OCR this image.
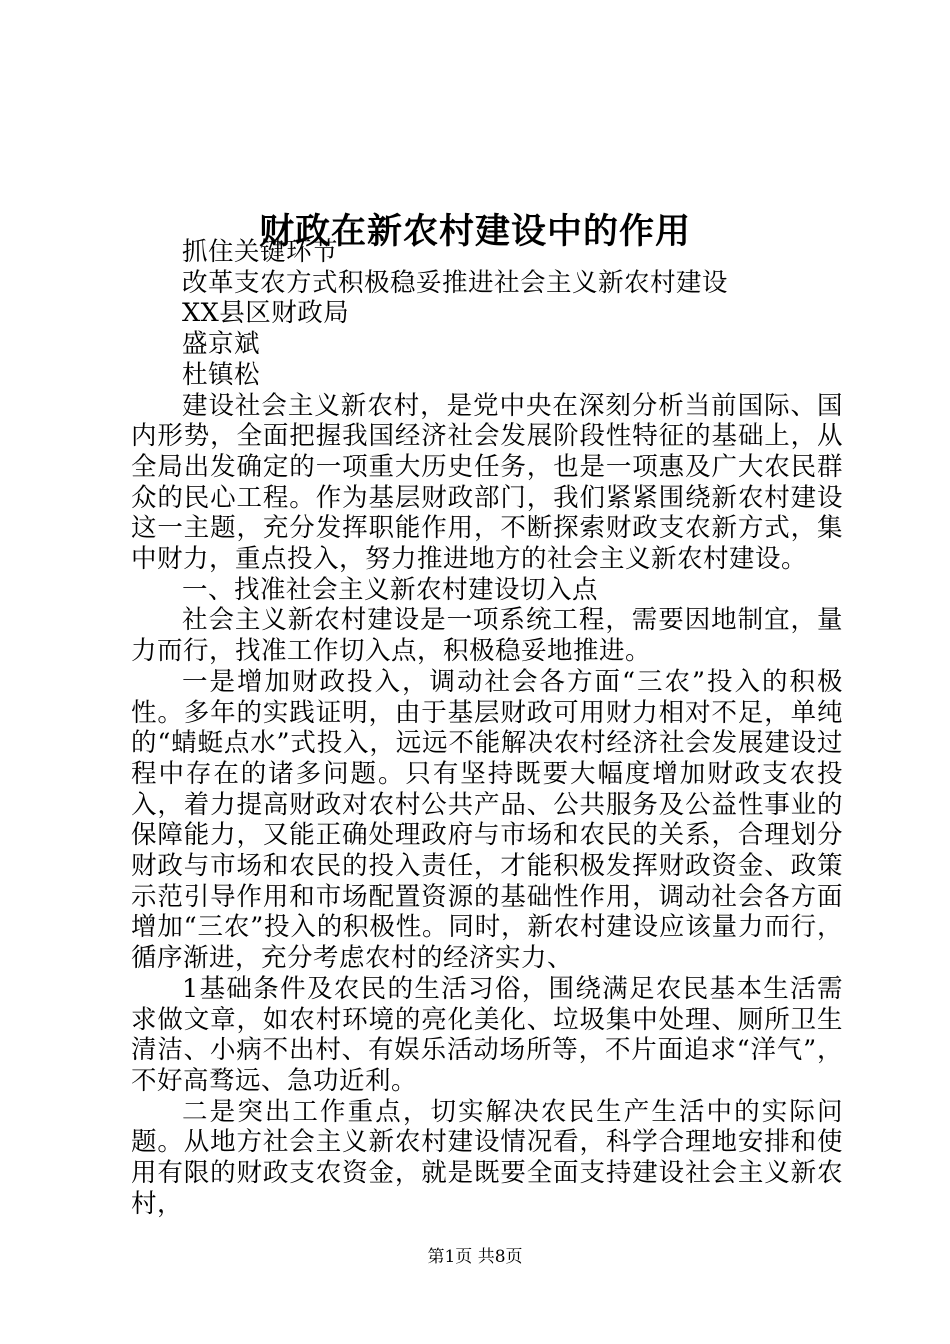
财政在新农村建设中的作用

抓住关键环节

改革支农方式积极稳妥推进社会主义新农村建设

XX县区财政局

盛京斌

杜镇松

建设社会主义新农村，是党中央在深刻分析当前国际、国内形势，全面把握我国经济社会发展阶段性特征的基础上，从全局出发确定的一项重大历史任务，也是一项惠及广大农民群众的民心工程。作为基层财政部门，我们紧紧围绕新农村建设这一主题，充分发挥职能作用，不断探索财政支农新方式，集中财力，重点投入，努力推进地方的社会主义新农村建设。

一、找准社会主义新农村建设切入点

社会主义新农村建设是一项系统工程，需要因地制宜，量力而行，找准工作切入点，积极稳妥地推进。

一是增加财政投入，调动社会各方面“三农”投入的积极性。多年的实践证明，由于基层财政可用财力相对不足，单纯的“蜻蜓点水”式投入，远远不能解决农村经济社会发展建设过程中存在的诸多问题。只有坚持既要大幅度增加财政支农投入，着力提高财政对农村公共产品、公共服务及公益性事业的保障能力，又能正确处理政府与市场和农民的关系，合理划分财政与市场和农民的投入责任，才能积极发挥财政资金、政策示范引导作用和市场配置资源的基础性作用，调动社会各方面增加“三农”投入的积极性。同时，新农村建设应该量力而行，循序渐进，充分考虑农村的经济实力、

1基础条件及农民的生活习俗，围绕满足农民基本生活需求做文章，如农村环境的亮化美化、垃圾集中处理、厕所卫生清洁、小病不出村、有娱乐活动场所等，不片面追求“洋气”，不好高骛远、急功近利。

二是突出工作重点，切实解决农民生产生活中的实际问题。从地方社会主义新农村建设情况看，科学合理地安排和使用有限的财政支农资金，就是既要全面支持建设社会主义新农村，

第1页 共8页
